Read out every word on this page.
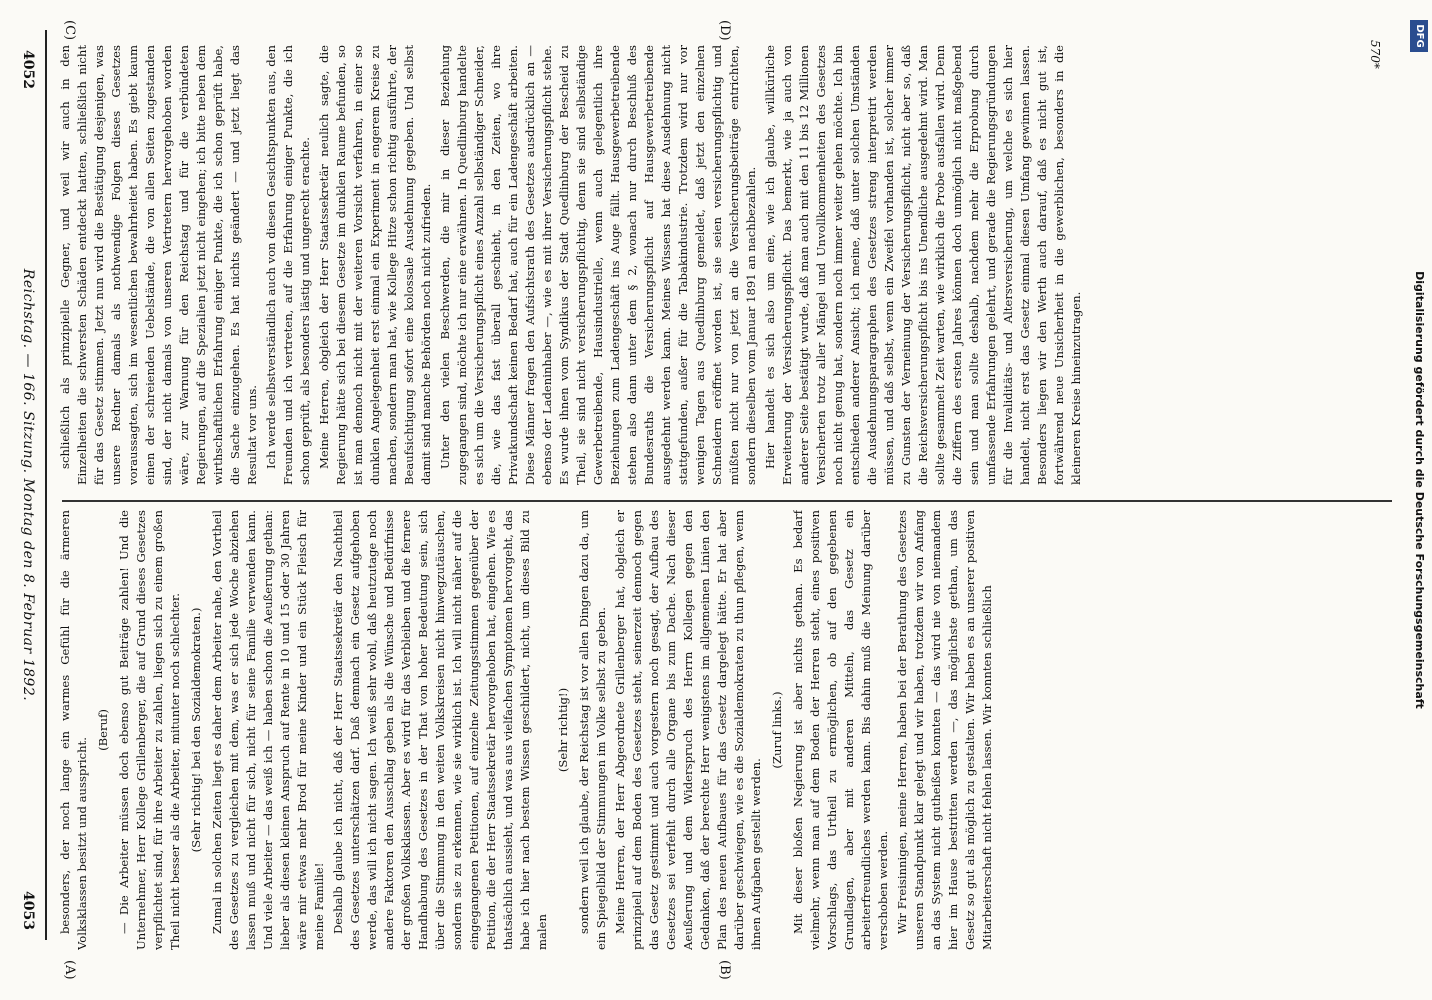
4052
Reichstag. — 166. Sitzung. Montag den 8. Februar 1892.
4053
(A)	(B)
(C)	(D)

besonders, der noch lange ein warmes Gefühl für die ärmeren Volksklassen besitzt und ausspricht.

(Beruf) — Die Arbeiter müssen doch ebenso gut Beiträge zahlen! Und die Unternehmer, Herr Kollege Grillenberger, die auf Grund dieses Gesetzes verpflichtet sind, für ihre Arbeiter zu zahlen, liegen sich zu einem großen Theil nicht besser als die Arbeiter, mitunter noch schlechter. (Sehr richtig! bei den Sozialdemokraten.) Zumal in solchen Zeiten liegt es daher dem Arbeiter nahe, den Vortheil des Gesetzes zu vergleichen mit dem, was er sich jede Woche abziehen lassen muß und nicht für sich, nicht für seine Familie verwenden kann. Und viele Arbeiter — das weiß ich — haben schon die Aeußerung gethan: lieber als diesen kleinen Anspruch auf Rente in 10 und 15 oder 30 Jahren wäre mir etwas mehr Brod für meine Kinder und ein Stück Fleisch für meine Familie! Deshalb glaube ich nicht, daß der Herr Staatssekretär den Nachtheil des Gesetzes unterschätzen darf. Daß demnach ein Gesetz aufgehoben werde, das will ich nicht sagen. Ich weiß sehr wohl, daß heutzutage noch andere Faktoren den Ausschlag geben als die Wünsche und Bedürfnisse der großen Volksklassen. Aber es wird für das Verbleiben und die fernere Handhabung des Gesetzes in der That von hoher Bedeutung sein, sich über die Stimmung in den weiten Volkskreisen nicht hinwegzutäuschen, sondern sie zu erkennen, wie sie wirklich ist. Ich will nicht näher auf die eingegangenen Petitionen, auf einzelne Zeitungsstimmen gegenüber der Petition, die der Herr Staatssekretär hervorgehoben hat, eingehen. Wie es thatsächlich aussieht, und was aus vielfachen Symptomen hervorgeht, das habe ich hier nach bestem Wissen geschildert, nicht, um dieses Bild zu malen

(Sehr richtig!) sondern weil ich glaube, der Reichstag ist vor allen Dingen dazu da, um ein Spiegelbild der Stimmungen im Volke selbst zu geben. Meine Herren, der Herr Abgeordnete Grillenberger hat, obgleich er prinzipiell auf dem Boden des Gesetzes steht, seinerzeit dennoch gegen das Gesetz gestimmt und auch vorgestern noch gesagt, der Aufbau des Gesetzes sei verfehlt durch alle Organe bis zum Dache. Nach dieser Aeußerung und dem Widerspruch des Herrn Kollegen gegen den Gedanken, daß der berechte Herr wenigstens im allgemeinen Linien den Plan des neuen Aufbaues für das Gesetz dargelegt hätte. Er hat aber darüber geschwiegen, wie es die Sozialdemokraten zu thun pflegen, wenn ihnen Aufgaben gestellt werden.

(Zuruf links.) Mit dieser bloßen Negierung ist aber nichts gethan. Es bedarf vielmehr, wenn man auf dem Boden der Herren steht, eines positiven Vorschlags, das Urtheil zu ermöglichen, ob auf den gegebenen Grundlagen, aber mit anderen Mitteln, das Gesetz ein arbeiterfreundliches werden kann. Bis dahin muß die Meinung darüber verschoben werden. Wir Freisinnigen, meine Herren, haben bei der Berathung des Gesetzes unseren Standpunkt klar gelegt und wir haben, trotzdem wir von Anfang an das System nicht gutheißen konnten — das wird nie von niemandem hier im Hause bestritten werden —, das möglichste gethan, um das Gesetz so gut als möglich zu gestalten. Wir haben es an unserer positiven Mitarbeiterschaft nicht fehlen lassen. Wir konnten schließlich

schließlich als prinzipielle Gegner, und weil wir auch in den Einzelheiten die schwersten Schäden entdeckt hatten, schließlich nicht für das Gesetz stimmen. Jetzt nun wird die Bestätigung desjenigen, was unsere Redner damals als nothwendige Folgen dieses Gesetzes voraussagten, sich im wesentlichen bewahrheitet haben. Es giebt kaum einen der schreienden Uebelstände, die von allen Seiten zugestanden sind, der nicht damals von unseren Vertretern hervorgehoben worden wäre, zur Warnung für den Reichstag und für die verbündeten Regierungen, auf die Spezialien jetzt nicht eingehen; ich bitte neben dem wirthschaftlichen Erfahrung einiger Punkte, die ich schon geprüft habe, die Sache einzugehen. Es hat nichts geändert — und jetzt liegt das Resultat vor uns. Ich werde selbstverständlich auch von diesen Gesichtspunkten aus, den Freunden und ich vertreten, auf die Erfahrung einiger Punkte, die ich schon geprüft, als besonders lästig und ungerecht erachte. Meine Herren, obgleich der Herr Staatssekretär neulich sagte, die Regierung hätte sich bei diesem Gesetze im dunklen Raume befunden, so ist man dennoch nicht mit der weiteren Vorsicht verfahren, in einer so dunklen Angelegenheit erst einmal ein Experiment in engerem Kreise zu machen, sondern man hat, wie Kollege Hitze schon richtig ausführte, der Beaufsichtigung sofort eine kolossale Ausdehnung gegeben. Und selbst damit sind manche Behörden noch nicht zufrieden. Unter den vielen Beschwerden, die mir in dieser Beziehung zugegangen sind, möchte ich nur eine erwähnen. In Quedlinburg handelte es sich um die Versicherungspflicht eines Anzahl selbständiger Schneider, die, wie das fast überall geschieht, in den Zeiten, wo ihre Privatkundschaft keinen Bedarf hat, auch für ein Ladengeschäft arbeiten. Diese Männer fragen den Aufsichtsrath des Gesetzes ausdrücklich an — ebenso der Ladeninhaber —, wie es mit ihrer Versicherungspflicht stehe. Es wurde ihnen vom Syndikus der Stadt Quedlinburg der Bescheid zu Theil, sie sind nicht versicherungspflichtig, denn sie sind selbständige Gewerbetreibende, Hausindustrielle, wenn auch gelegentlich ihre Beziehungen zum Ladengeschäft ins Auge fällt. Hausgewerbetreibende stehen also dann unter dem § 2, wonach nur durch Beschluß des Bundesraths die Versicherungspflicht auf Hausgewerbetreibende ausgedehnt werden kann. Meines Wissens hat diese Ausdehnung nicht stattgefunden, außer für die Tabakindustrie. Trotzdem wird nur vor wenigen Tagen aus Quedlinburg gemeldet, daß jetzt den einzelnen Schneidern eröffnet worden ist, sie seien versicherungspflichtig und müßten nicht nur von jetzt an die Versicherungsbeiträge entrichten, sondern dieselben vom Januar 1891 an nachbezahlen. Hier handelt es sich also um eine, wie ich glaube, willkürliche Erweiterung der Versicherungspflicht. Das bemerkt, wie ja auch von anderer Seite bestätigt wurde, daß man auch mit den 11 bis 12 Millionen Versicherten trotz aller Mängel und Unvollkommenheiten des Gesetzes noch nicht genug hat, sondern noch immer weiter gehen möchte. Ich bin entschieden anderer Ansicht; ich meine, daß unter solchen Umständen die Ausdehnungsparagraphen des Gesetzes streng interpretirt werden müssen, und daß selbst, wenn ein Zweifel vorhanden ist, solcher immer zu Gunsten der Verneinung der Versicherungspflicht, nicht aber so, daß die Reichsversicherungspflicht bis ins Unendliche ausgedehnt wird. Man sollte gesammelt Zeit warten, wie wirklich die Probe ausfallen wird. Denn die Ziffern des ersten Jahres können doch unmöglich nicht maßgebend sein und man sollte deshalb, nachdem mehr die Erprobung durch umfassende Erfahrungen gelehrt, und gerade die Regierungsgründungen für die Invaliditäts- und Altersversicherung, um welche es sich hier handelt, nicht erst das Gesetz einmal diesen Umfang gewinnen lassen. Besonders liegen wir den Werth auch darauf, daß es nicht gut ist, fortwährend neue Unsicherheit in die gewerblichen, besonders in die kleineren Kreise hineinzutragen.

570*
DFG
Digitalisierung gefördert durch die Deutsche Forschungsgemeinschaft
